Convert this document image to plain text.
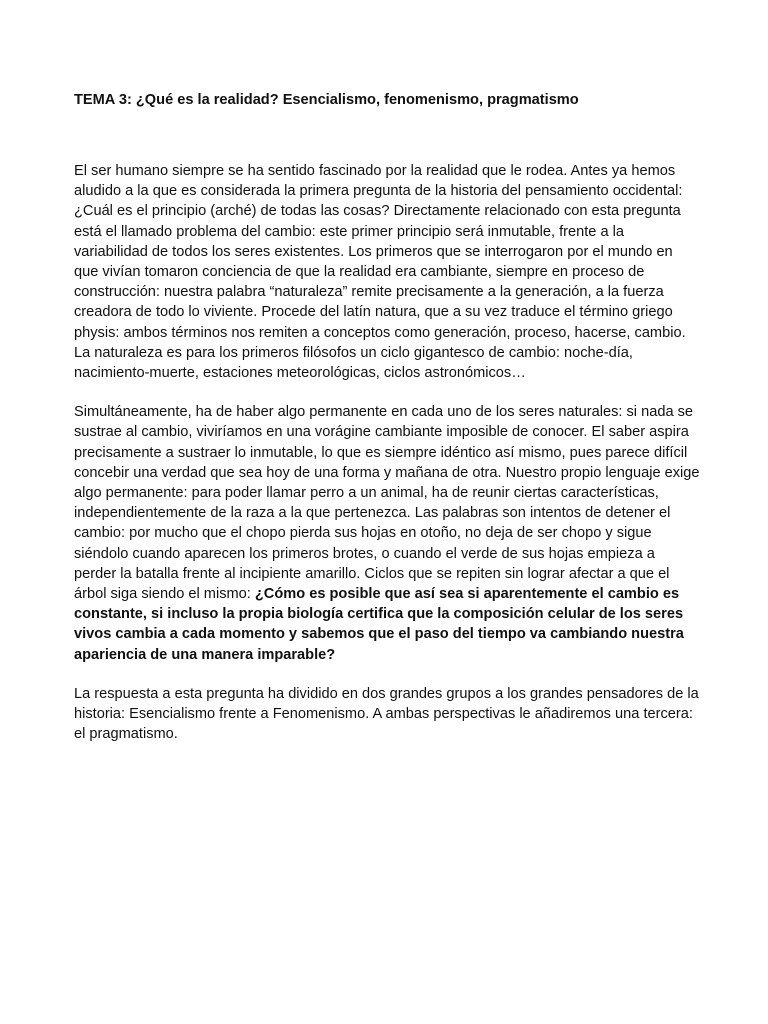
TEMA 3: ¿Qué es la realidad? Esencialismo, fenomenismo, pragmatismo

El ser humano siempre se ha sentido fascinado por la realidad que le rodea. Antes ya hemos aludido a la que es considerada la primera pregunta de la historia del pensamiento occidental: ¿Cuál es el principio (arché) de todas las cosas? Directamente relacionado con esta pregunta está el llamado problema del cambio: este primer principio será inmutable, frente a la variabilidad de todos los seres existentes. Los primeros que se interrogaron por el mundo en que vivían tomaron conciencia de que la realidad era cambiante, siempre en proceso de construcción: nuestra palabra “naturaleza” remite precisamente a la generación, a la fuerza creadora de todo lo viviente. Procede del latín natura, que a su vez traduce el término griego physis: ambos términos nos remiten a conceptos como generación, proceso, hacerse, cambio. La naturaleza es para los primeros filósofos un ciclo gigantesco de cambio: noche-día, nacimiento-muerte, estaciones meteorológicas, ciclos astronómicos…

Simultáneamente, ha de haber algo permanente en cada uno de los seres naturales: si nada se sustrae al cambio, viviríamos en una vorágine cambiante imposible de conocer. El saber aspira precisamente a sustraer lo inmutable, lo que es siempre idéntico así mismo, pues parece difícil concebir una verdad que sea hoy de una forma y mañana de otra. Nuestro propio lenguaje exige algo permanente: para poder llamar perro a un animal, ha de reunir ciertas características, independientemente de la raza a la que pertenezca. Las palabras son intentos de detener el cambio: por mucho que el chopo pierda sus hojas en otoño, no deja de ser chopo y sigue siéndolo cuando aparecen los primeros brotes, o cuando el verde de sus hojas empieza a perder la batalla frente al incipiente amarillo. Ciclos que se repiten sin lograr afectar a que el árbol siga siendo el mismo: ¿Cómo es posible que así sea si aparentemente el cambio es constante, si incluso la propia biología certifica que la composición celular de los seres vivos cambia a cada momento y sabemos que el paso del tiempo va cambiando nuestra apariencia de una manera imparable?

La respuesta a esta pregunta ha dividido en dos grandes grupos a los grandes pensadores de la historia: Esencialismo frente a Fenomenismo. A ambas perspectivas le añadiremos una tercera: el pragmatismo.
